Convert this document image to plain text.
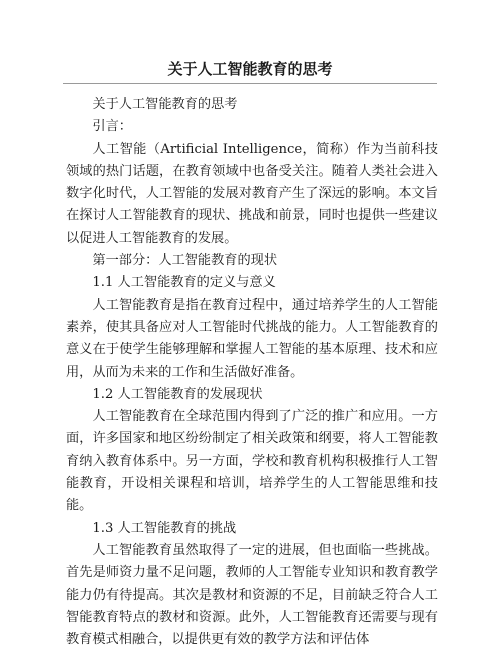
关于人工智能教育的思考

关于人工智能教育的思考

引言：

人工智能（Artificial Intelligence，简称）作为当前科技领域的热门话题，在教育领域中也备受关注。随着人类社会进入数字化时代，人工智能的发展对教育产生了深远的影响。本文旨在探讨人工智能教育的现状、挑战和前景，同时也提供一些建议以促进人工智能教育的发展。

第一部分：人工智能教育的现状

1.1 人工智能教育的定义与意义

人工智能教育是指在教育过程中，通过培养学生的人工智能素养，使其具备应对人工智能时代挑战的能力。人工智能教育的意义在于使学生能够理解和掌握人工智能的基本原理、技术和应用，从而为未来的工作和生活做好准备。

1.2 人工智能教育的发展现状

人工智能教育在全球范围内得到了广泛的推广和应用。一方面，许多国家和地区纷纷制定了相关政策和纲要，将人工智能教育纳入教育体系中。另一方面，学校和教育机构积极推行人工智能教育，开设相关课程和培训，培养学生的人工智能思维和技能。

1.3 人工智能教育的挑战

人工智能教育虽然取得了一定的进展，但也面临一些挑战。首先是师资力量不足问题，教师的人工智能专业知识和教育教学能力仍有待提高。其次是教材和资源的不足，目前缺乏符合人工智能教育特点的教材和资源。此外，人工智能教育还需要与现有教育模式相融合，以提供更有效的教学方法和评估体
